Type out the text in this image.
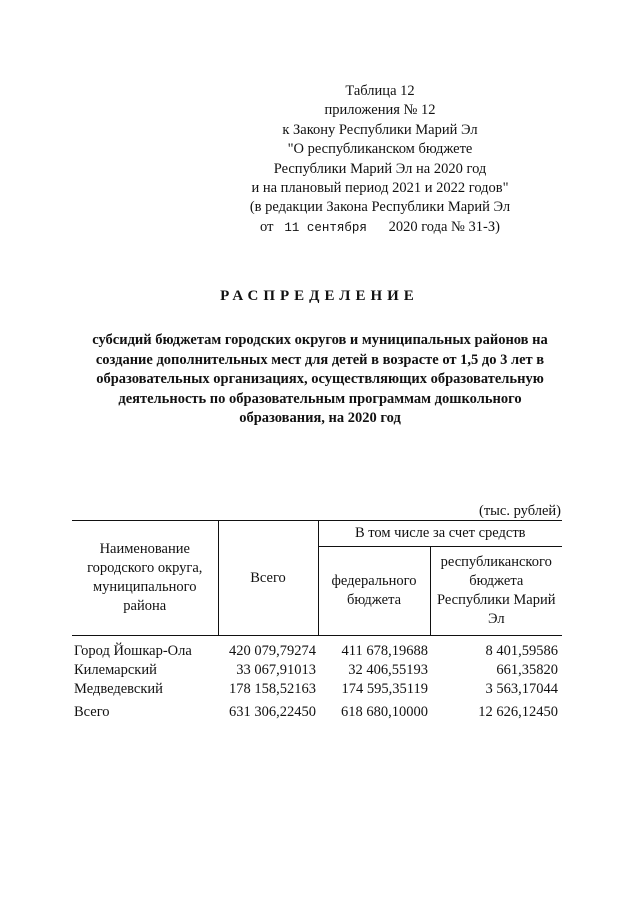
Таблица 12
приложения № 12
к Закону Республики Марий Эл
"О республиканском бюджете
Республики Марий Эл на 2020 год
и на плановый период 2021 и 2022 годов"
(в редакции Закона Республики Марий Эл
от 11 сентября 2020 года № 31-З)
РАСПРЕДЕЛЕНИЕ
субсидий бюджетам городских округов и муниципальных районов на
создание дополнительных мест для детей в возрасте от 1,5 до 3 лет в
образовательных организациях, осуществляющих образовательную
деятельность по образовательным программам дошкольного
образования, на 2020 год
(тыс. рублей)
Наименование городского округа, муниципального района	Всего	В том числе за счет средств	
		федерального бюджета	республиканского бюджета Республики Марий Эл

Город Йошкар-Ола	420 079,79274	411 678,19688	8 401,59586
Килемарский	33 067,91013	32 406,55193	661,35820
Медведевский	178 158,52163	174 595,35119	3 563,17044
Всего	631 306,22450	618 680,10000	12 626,12450
